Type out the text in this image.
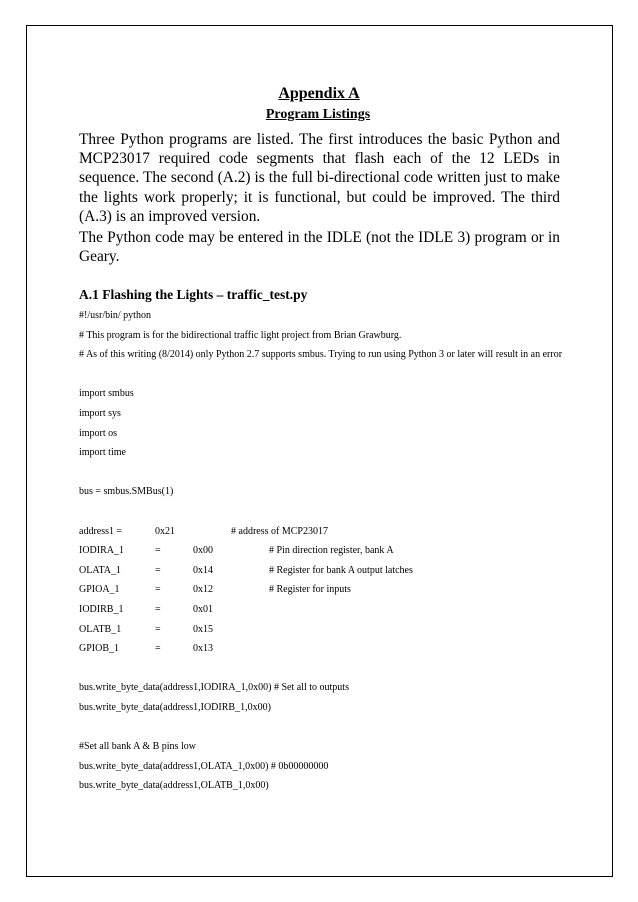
Appendix A
Program Listings
Three Python programs are listed. The first introduces the basic Python and MCP23017 required code segments that flash each of the 12 LEDs in sequence. The second (A.2) is the full bi-directional code written just to make the lights work properly; it is functional, but could be improved. The third (A.3) is an improved version.
The Python code may be entered in the IDLE (not the IDLE 3) program or in Geary.
A.1 Flashing the Lights – traffic_test.py
#!/usr/bin/ python
# This program is for the bidirectional traffic light project from Brian Grawburg.
# As of this writing (8/2014) only Python 2.7 supports smbus. Trying to run using Python 3 or later will result in an error
import smbus
import sys
import os
import time
bus = smbus.SMBus(1)
address1 =	0x21	# address of MCP23017
IODIRA_1	=	0x00	# Pin direction register, bank A
OLATA_1	=	0x14	# Register for bank A output latches
GPIOA_1	=	0x12	# Register for inputs
IODIRB_1	=	0x01
OLATB_1	=	0x15
GPIOB_1	=	0x13
bus.write_byte_data(address1,IODIRA_1,0x00) # Set all to outputs
bus.write_byte_data(address1,IODIRB_1,0x00)
#Set all bank A & B pins low
bus.write_byte_data(address1,OLATA_1,0x00) # 0b00000000
bus.write_byte_data(address1,OLATB_1,0x00)
